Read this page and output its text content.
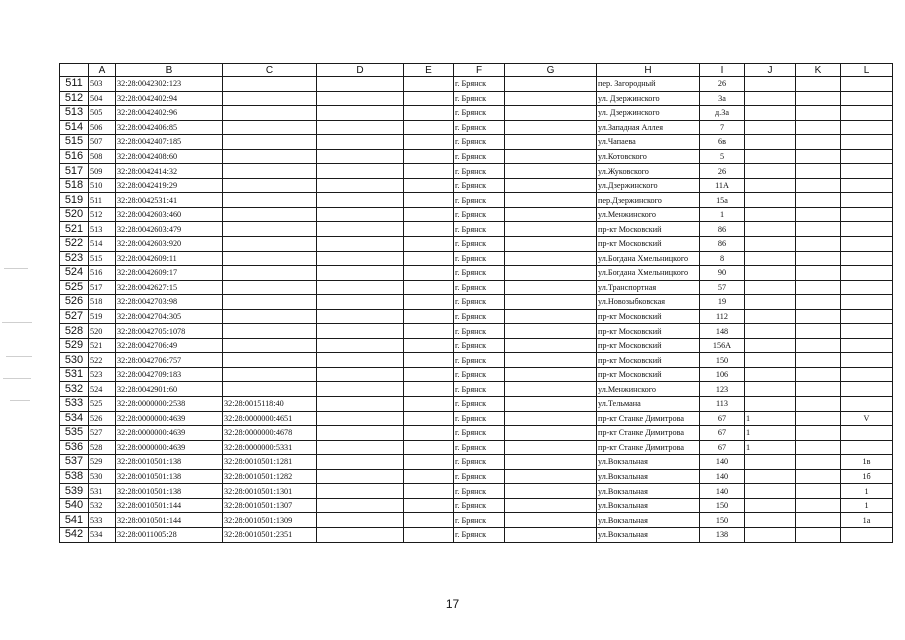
	A	B	C	D	E	F	G	H	I	J	K	L
511	503	32:28:0042302:123				г. Брянск		пер. Загородный	26			
512	504	32:28:0042402:94				г. Брянск		ул. Дзержинского	3а			
513	505	32:28:0042402:96				г. Брянск		ул. Дзержинского	д.3а			
514	506	32:28:0042406:85				г. Брянск		ул.Западная Аллея	7			
515	507	32:28:0042407:185				г. Брянск		ул.Чапаева	6в			
516	508	32:28:0042408:60				г. Брянск		ул.Котовского	5			
517	509	32:28:0042414:32				г. Брянск		ул.Жуковского	26			
518	510	32:28:0042419:29				г. Брянск		ул.Дзержинского	11А			
519	511	32:28:0042531:41				г. Брянск		пер.Дзержинского	15а			
520	512	32:28:0042603:460				г. Брянск		ул.Менжинского	1			
521	513	32:28:0042603:479				г. Брянск		пр-кт Московский	86			
522	514	32:28:0042603:920				г. Брянск		пр-кт Московский	86			
523	515	32:28:0042609:11				г. Брянск		ул.Богдана Хмельницкого	8			
524	516	32:28:0042609:17				г. Брянск		ул.Богдана Хмельницкого	90			
525	517	32:28:0042627:15				г. Брянск		ул.Транспортная	57			
526	518	32:28:0042703:98				г. Брянск		ул.Новозыбковская	19			
527	519	32:28:0042704:305				г. Брянск		пр-кт Московский	112			
528	520	32:28:0042705:1078				г. Брянск		пр-кт Московский	148			
529	521	32:28:0042706:49				г. Брянск		пр-кт Московский	156А			
530	522	32:28:0042706:757				г. Брянск		пр-кт Московский	150			
531	523	32:28:0042709:183				г. Брянск		пр-кт Московский	106			
532	524	32:28:0042901:60				г. Брянск		ул.Менжинского	123			
533	525	32:28:0000000:2538	32:28:0015118:40			г. Брянск		ул.Тельмана	113			
534	526	32:28:0000000:4639	32:28:0000000:4651			г. Брянск		пр-кт Станке Димитрова	67	1		V
535	527	32:28:0000000:4639	32:28:0000000:4678			г. Брянск		пр-кт Станке Димитрова	67	1		
536	528	32:28:0000000:4639	32:28:0000000:5331			г. Брянск		пр-кт Станке Димитрова	67	1		
537	529	32:28:0010501:138	32:28:0010501:1281			г. Брянск		ул.Вокзальная	140			1в
538	530	32:28:0010501:138	32:28:0010501:1282			г. Брянск		ул.Вокзальная	140			1б
539	531	32:28:0010501:138	32:28:0010501:1301			г. Брянск		ул.Вокзальная	140			1
540	532	32:28:0010501:144	32:28:0010501:1307			г. Брянск		ул.Вокзальная	150			1
541	533	32:28:0010501:144	32:28:0010501:1309			г. Брянск		ул.Вокзальная	150			1а
542	534	32:28:0011005:28	32:28:0010501:2351			г. Брянск		ул.Вокзальная	138			
17
